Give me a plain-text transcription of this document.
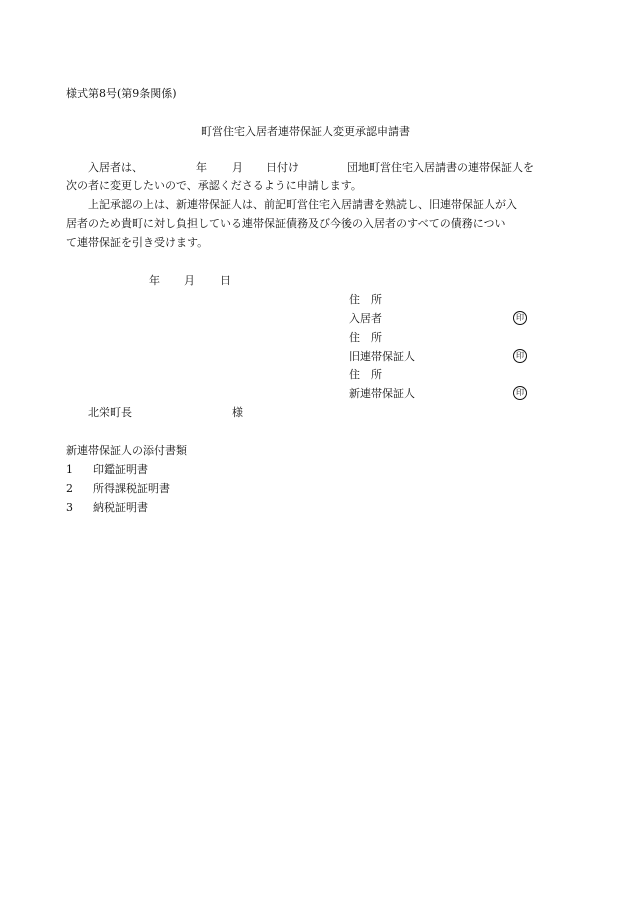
様式第8号(第9条関係)
町営住宅入居者連帯保証人変更承認申請書
入居者は、	年 月 日付け	団地町営住宅入居請書の連帯保証人を
次の者に変更したいので、承認くださるように申請します。
上記承認の上は、新連帯保証人は、前記町営住宅入居請書を熟読し、旧連帯保証人が入
居者のため貴町に対し負担している連帯保証債務及び今後の入居者のすべての債務につい
て連帯保証を引き受けます。
年 月 日
住　所
入居者	印
住　所
旧連帯保証人	印
住　所
新連帯保証人	印
北栄町長	様
新連帯保証人の添付書類
1 印鑑証明書
2 所得課税証明書
3 納税証明書
